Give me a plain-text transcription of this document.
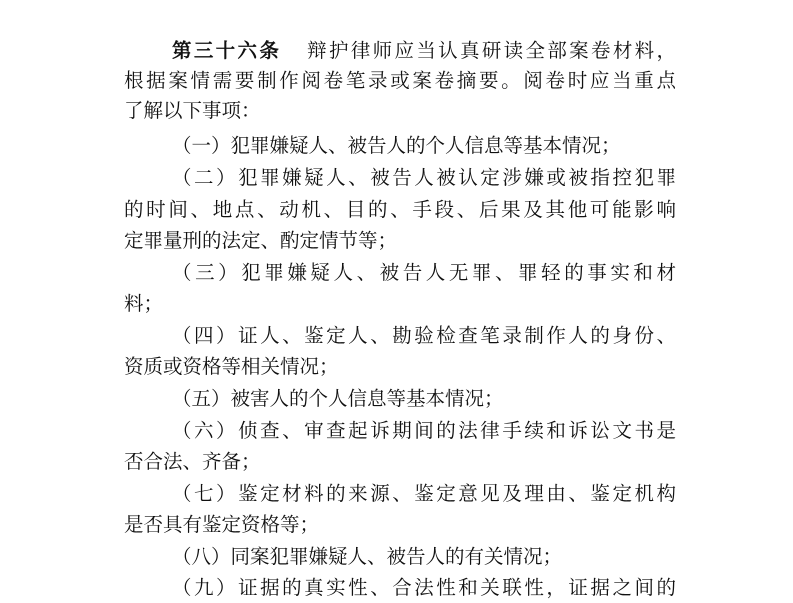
第三十六条 辩护律师应当认真研读全部案卷材料，
根据案情需要制作阅卷笔录或案卷摘要。阅卷时应当重点
了解以下事项：
（一）犯罪嫌疑人、被告人的个人信息等基本情况；
（二）犯罪嫌疑人、被告人被认定涉嫌或被指控犯罪
的时间、地点、动机、目的、手段、后果及其他可能影响
定罪量刑的法定、酌定情节等；
（三）犯罪嫌疑人、被告人无罪、罪轻的事实和材
料；
（四）证人、鉴定人、勘验检查笔录制作人的身份、
资质或资格等相关情况；
（五）被害人的个人信息等基本情况；
（六）侦查、审查起诉期间的法律手续和诉讼文书是
否合法、齐备；
（七）鉴定材料的来源、鉴定意见及理由、鉴定机构
是否具有鉴定资格等；
（八）同案犯罪嫌疑人、被告人的有关情况；
（九）证据的真实性、合法性和关联性，证据之间的
